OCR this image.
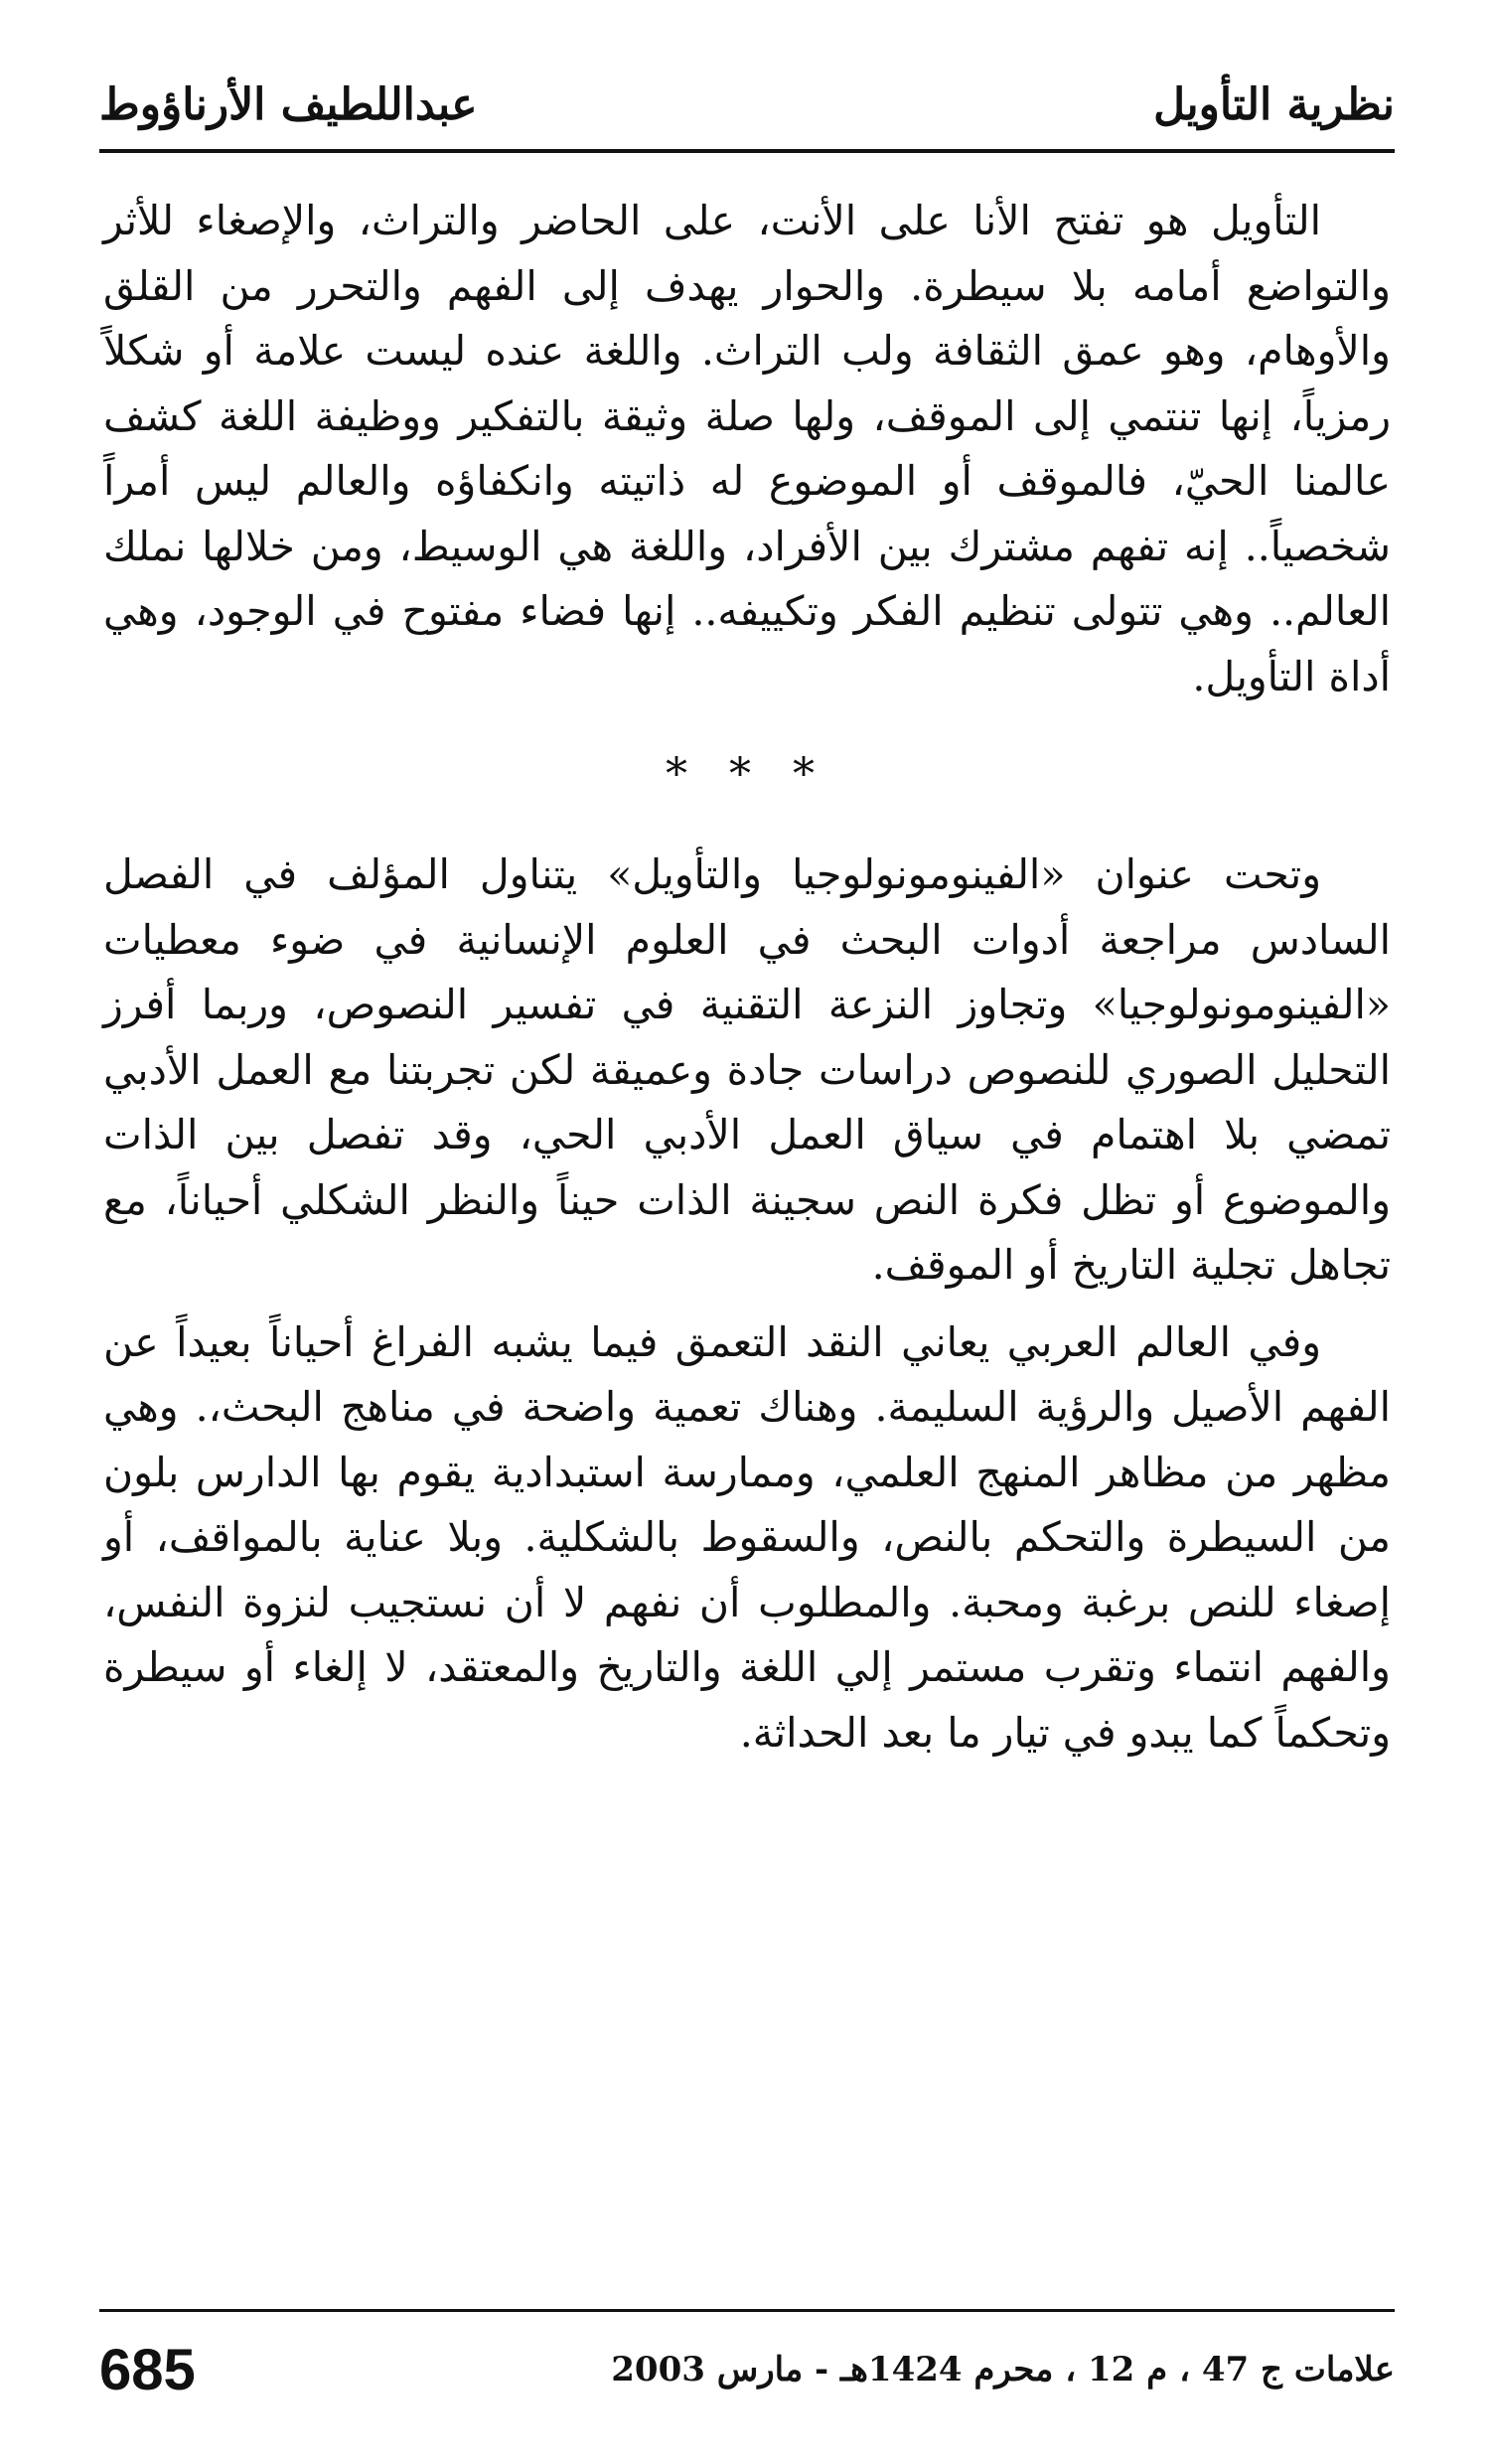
نظرية التأويل
عبداللطيف الأرناؤوط

التأويل هو تفتح الأنا على الأنت، على الحاضر والتراث، والإصغاء للأثر والتواضع أمامه بلا سيطرة. والحوار يهدف إلى الفهم والتحرر من القلق والأوهام، وهو عمق الثقافة ولب التراث. واللغة عنده ليست علامة أو شكلاً رمزياً، إنها تنتمي إلى الموقف، ولها صلة وثيقة بالتفكير ووظيفة اللغة كشف عالمنا الحيّ، فالموقف أو الموضوع له ذاتيته وانكفاؤه والعالم ليس أمراً شخصياً.. إنه تفهم مشترك بين الأفراد، واللغة هي الوسيط، ومن خلالها نملك العالم.. وهي تتولى تنظيم الفكر وتكييفه.. إنها فضاء مفتوح في الوجود، وهي أداة التأويل.

* * *

وتحت عنوان «الفينومونولوجيا والتأويل» يتناول المؤلف في الفصل السادس مراجعة أدوات البحث في العلوم الإنسانية في ضوء معطيات «الفينومونولوجيا» وتجاوز النزعة التقنية في تفسير النصوص، وربما أفرز التحليل الصوري للنصوص دراسات جادة وعميقة لكن تجربتنا مع العمل الأدبي تمضي بلا اهتمام في سياق العمل الأدبي الحي، وقد تفصل بين الذات والموضوع أو تظل فكرة النص سجينة الذات حيناً والنظر الشكلي أحياناً، مع تجاهل تجلية التاريخ أو الموقف.

وفي العالم العربي يعاني النقد التعمق فيما يشبه الفراغ أحياناً بعيداً عن الفهم الأصيل والرؤية السليمة. وهناك تعمية واضحة في مناهج البحث،. وهي مظهر من مظاهر المنهج العلمي، وممارسة استبدادية يقوم بها الدارس بلون من السيطرة والتحكم بالنص، والسقوط بالشكلية. وبلا عناية بالمواقف، أو إصغاء للنص برغبة ومحبة. والمطلوب أن نفهم لا أن نستجيب لنزوة النفس، والفهم انتماء وتقرب مستمر إلي اللغة والتاريخ والمعتقد، لا إلغاء أو سيطرة وتحكماً كما يبدو في تيار ما بعد الحداثة.

685	علامات ج 47 ، م 12 ، محرم 1424هـ - مارس 2003
